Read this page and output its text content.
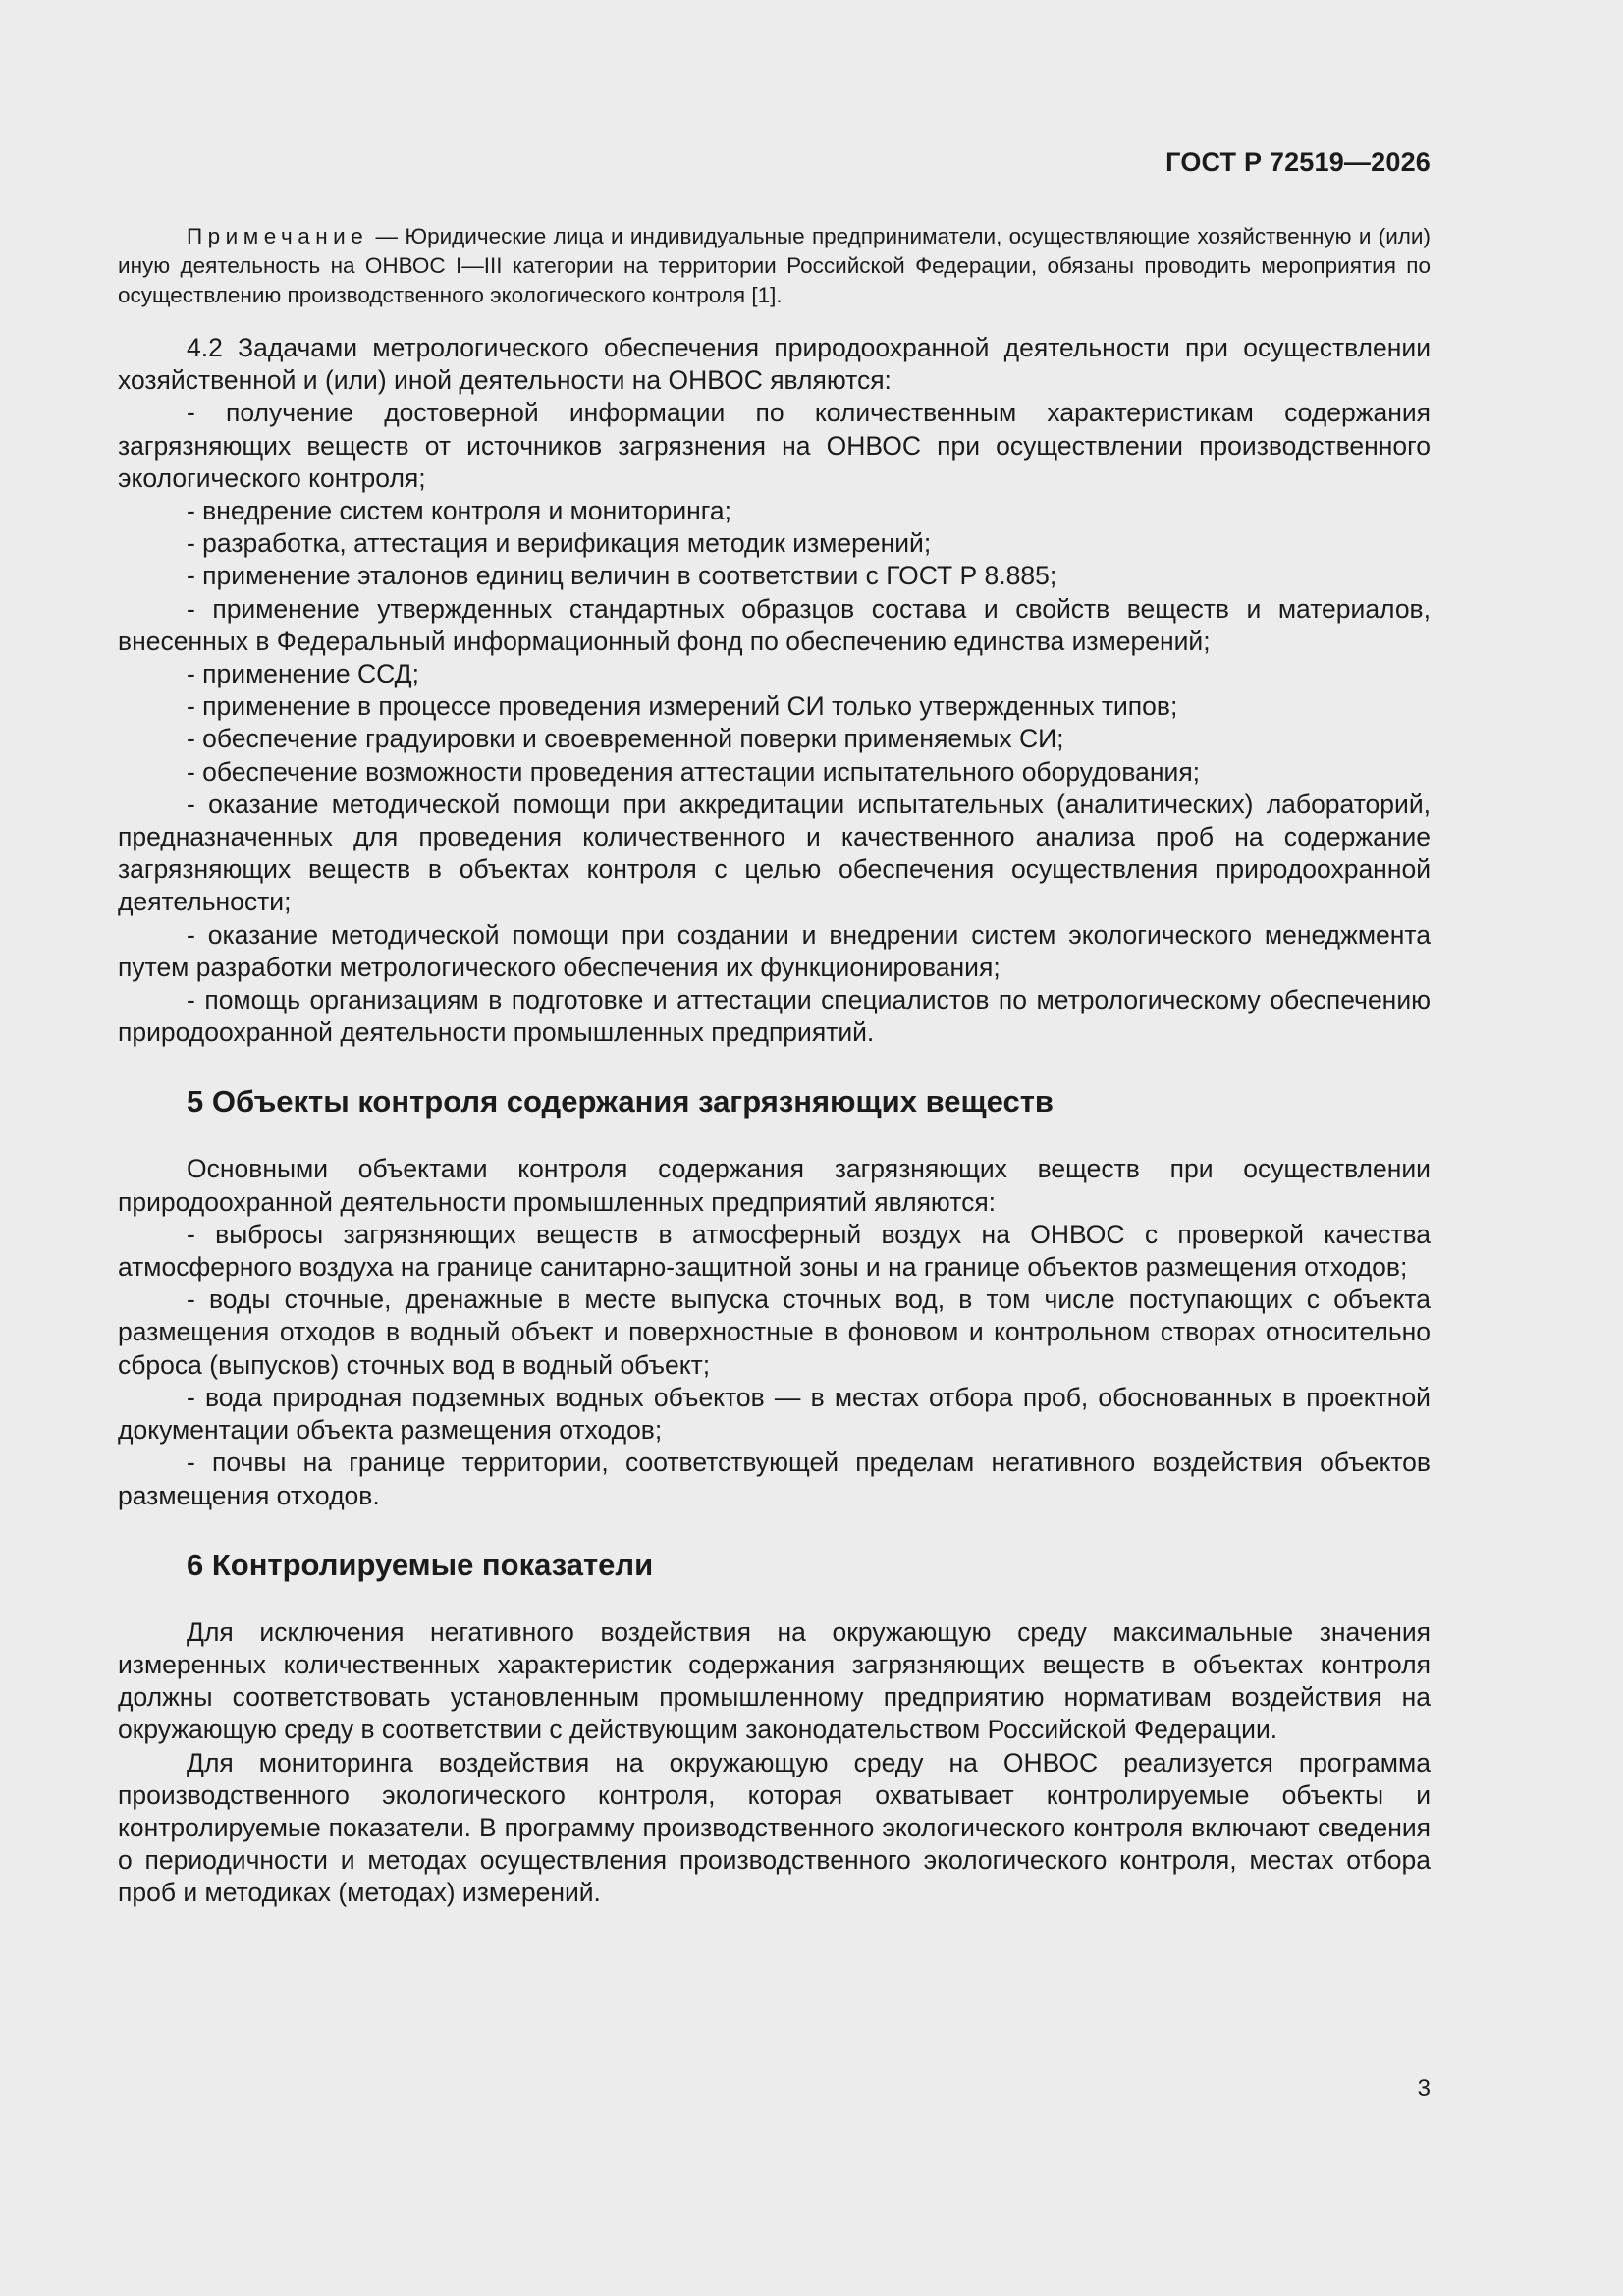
ГОСТ Р 72519—2026

Примечание — Юридические лица и индивидуальные предприниматели, осуществляющие хозяйственную и (или) иную деятельность на ОНВОС I—III категории на территории Российской Федерации, обязаны проводить мероприятия по осуществлению производственного экологического контроля [1].

4.2 Задачами метрологического обеспечения природоохранной деятельности при осуществлении хозяйственной и (или) иной деятельности на ОНВОС являются:

- получение достоверной информации по количественным характеристикам содержания загрязняющих веществ от источников загрязнения на ОНВОС при осуществлении производственного экологического контроля;

- внедрение систем контроля и мониторинга;

- разработка, аттестация и верификация методик измерений;

- применение эталонов единиц величин в соответствии с ГОСТ Р 8.885;

- применение утвержденных стандартных образцов состава и свойств веществ и материалов, внесенных в Федеральный информационный фонд по обеспечению единства измерений;

- применение ССД;

- применение в процессе проведения измерений СИ только утвержденных типов;

- обеспечение градуировки и своевременной поверки применяемых СИ;

- обеспечение возможности проведения аттестации испытательного оборудования;

- оказание методической помощи при аккредитации испытательных (аналитических) лабораторий, предназначенных для проведения количественного и качественного анализа проб на содержание загрязняющих веществ в объектах контроля с целью обеспечения осуществления природоохранной деятельности;

- оказание методической помощи при создании и внедрении систем экологического менеджмента путем разработки метрологического обеспечения их функционирования;

- помощь организациям в подготовке и аттестации специалистов по метрологическому обеспечению природоохранной деятельности промышленных предприятий.

5 Объекты контроля содержания загрязняющих веществ

Основными объектами контроля содержания загрязняющих веществ при осуществлении природоохранной деятельности промышленных предприятий являются:

- выбросы загрязняющих веществ в атмосферный воздух на ОНВОС с проверкой качества атмосферного воздуха на границе санитарно-защитной зоны и на границе объектов размещения отходов;

- воды сточные, дренажные в месте выпуска сточных вод, в том числе поступающих с объекта размещения отходов в водный объект и поверхностные в фоновом и контрольном створах относительно сброса (выпусков) сточных вод в водный объект;

- вода природная подземных водных объектов — в местах отбора проб, обоснованных в проектной документации объекта размещения отходов;

- почвы на границе территории, соответствующей пределам негативного воздействия объектов размещения отходов.

6 Контролируемые показатели

Для исключения негативного воздействия на окружающую среду максимальные значения измеренных количественных характеристик содержания загрязняющих веществ в объектах контроля должны соответствовать установленным промышленному предприятию нормативам воздействия на окружающую среду в соответствии с действующим законодательством Российской Федерации.

Для мониторинга воздействия на окружающую среду на ОНВОС реализуется программа производственного экологического контроля, которая охватывает контролируемые объекты и контролируемые показатели. В программу производственного экологического контроля включают сведения о периодичности и методах осуществления производственного экологического контроля, местах отбора проб и методиках (методах) измерений.

3
